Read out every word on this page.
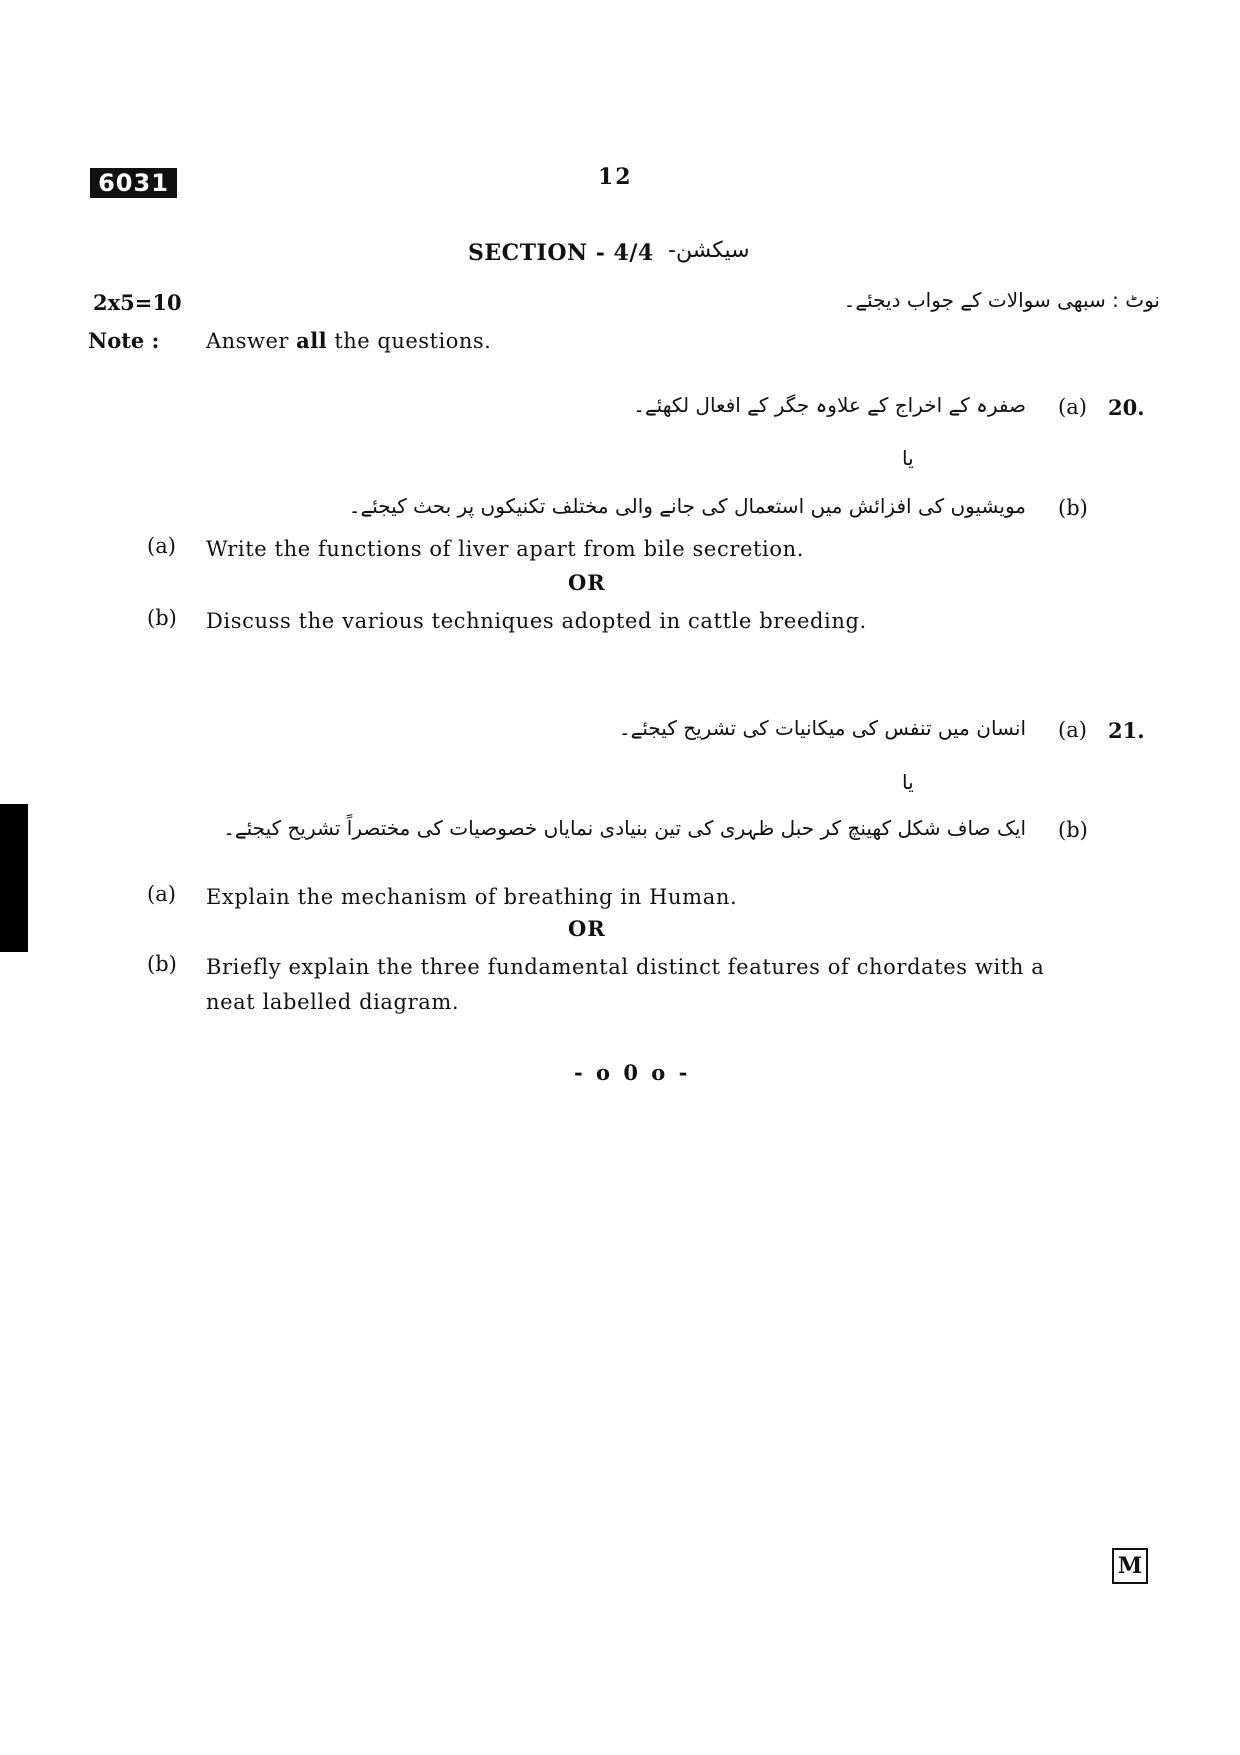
6031	12
SECTION - 4/4 سیکشن-
2x5=10	نوٹ : سبھی سوالات کے جواب دیجئے۔
Note : Answer all the questions.
20.
(a)
صفرہ کے اخراج کے علاوہ جگر کے افعال لکھئے۔
یا
(b)
مویشیوں کی افزائش میں استعمال کی جانے والی مختلف تکنیکوں پر بحث کیجئے۔
(a) Write the functions of liver apart from bile secretion.
OR
(b) Discuss the various techniques adopted in cattle breeding.
21.
(a)
انسان میں تنفس کی میکانیات کی تشریح کیجئے۔
یا
(b)
ایک صاف شکل کھینچ کر حبل ظہری کی تین بنیادی نمایاں خصوصیات کی مختصراً تشریح کیجئے۔
(a) Explain the mechanism of breathing in Human.
OR
(b) Briefly explain the three fundamental distinct features of chordates with a
neat labelled diagram.
- o 0 o -
M
